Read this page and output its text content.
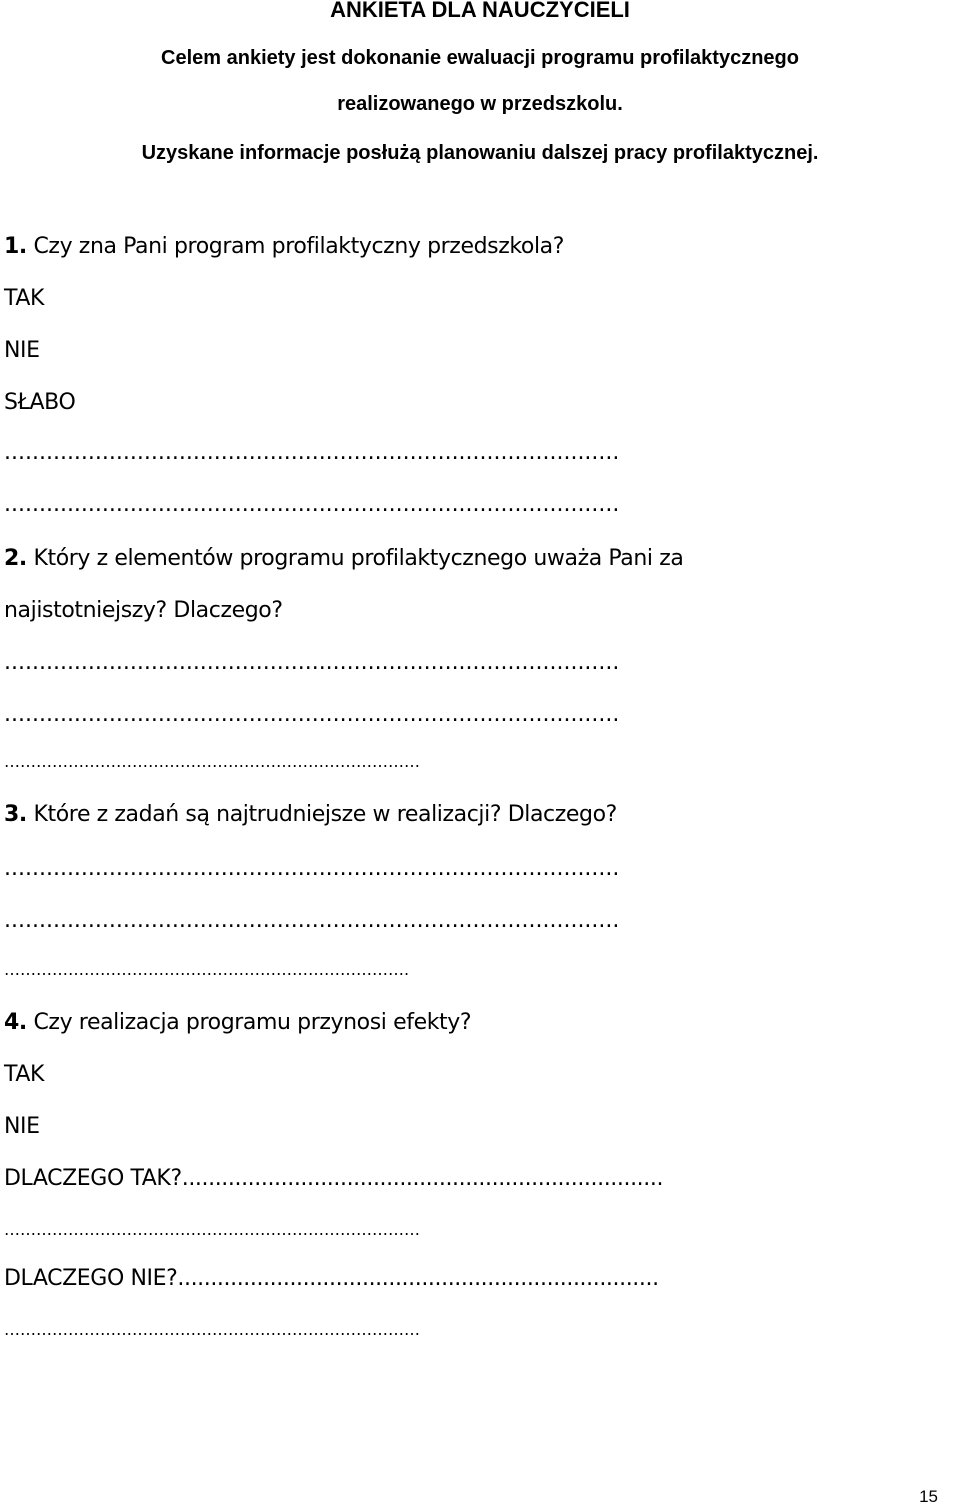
ANKIETA DLA NAUCZYCIELI
Celem ankiety jest dokonanie ewaluacji programu profilaktycznego
realizowanego w przedszkolu.
Uzyskane informacje posłużą planowaniu dalszej pracy profilaktycznej.
1. Czy zna Pani program profilaktyczny przedszkola?
TAK
NIE
SŁABO
........................................................................................
........................................................................................
2. Który z elementów programu profilaktycznego uważa Pani za
najistotniejszy? Dlaczego?
........................................................................................
........................................................................................
……………………………………………………………………
3. Które z zadań są najtrudniejsze w realizacji? Dlaczego?
........................................................................................
........................................................................................
………………………………………………………………….
4. Czy realizacja programu przynosi efekty?
TAK
NIE
DLACZEGO TAK?.........................................................................
……………………………………………………………………
DLACZEGO NIE?.........................................................................
……………………………………………………………………
15
